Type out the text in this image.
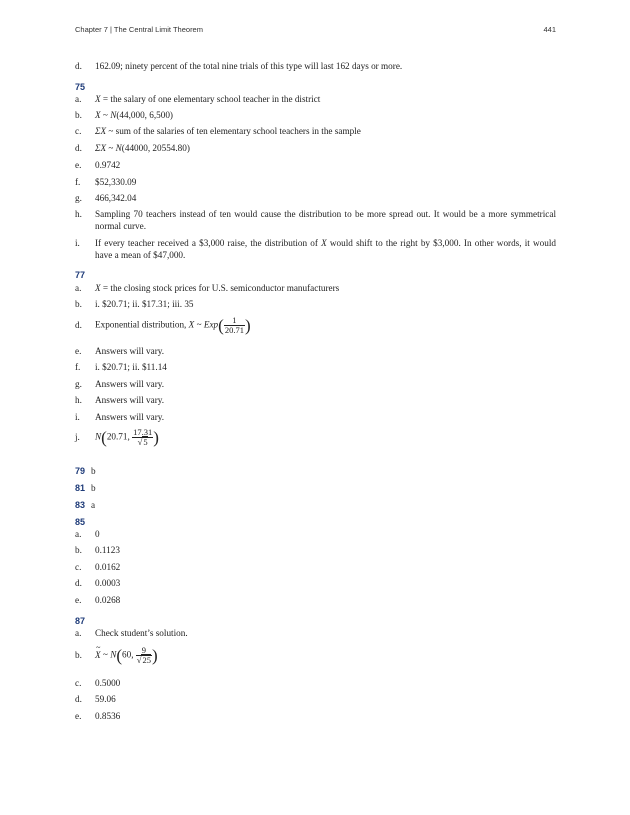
Chapter 7 | The Central Limit Theorem	441
d. 162.09; ninety percent of the total nine trials of this type will last 162 days or more.
75
a. X = the salary of one elementary school teacher in the district
b. X ~ N(44,000, 6,500)
c. ΣX ~ sum of the salaries of ten elementary school teachers in the sample
d. ΣX ~ N(44000, 20554.80)
e. 0.9742
f. $52,330.09
g. 466,342.04
h. Sampling 70 teachers instead of ten would cause the distribution to be more spread out. It would be a more symmetrical normal curve.
i. If every teacher received a $3,000 raise, the distribution of X would shift to the right by $3,000. In other words, it would have a mean of $47,000.
77
a. X = the closing stock prices for U.S. semiconductor manufacturers
b. i. $20.71; ii. $17.31; iii. 35
d. Exponential distribution, X ~ $Exp( \frac{1}{20.71}$ )
e. Answers will vary.
f. i. $20.71; ii. $11.14
g. Answers will vary.
h. Answers will vary.
i. Answers will vary.
j. N(20.71, $\frac{17.31}{√5}$ )
79 b
81 b
83 a
85
a. 0
b. 0.1123
c. 0.0162
d. 0.0003
e. 0.0268
87
a. Check student’s solution.
b.~ X ~ N(60, $\frac{9}{√25}$ )
c. 0.5000
d. 59.06
e. 0.8536
